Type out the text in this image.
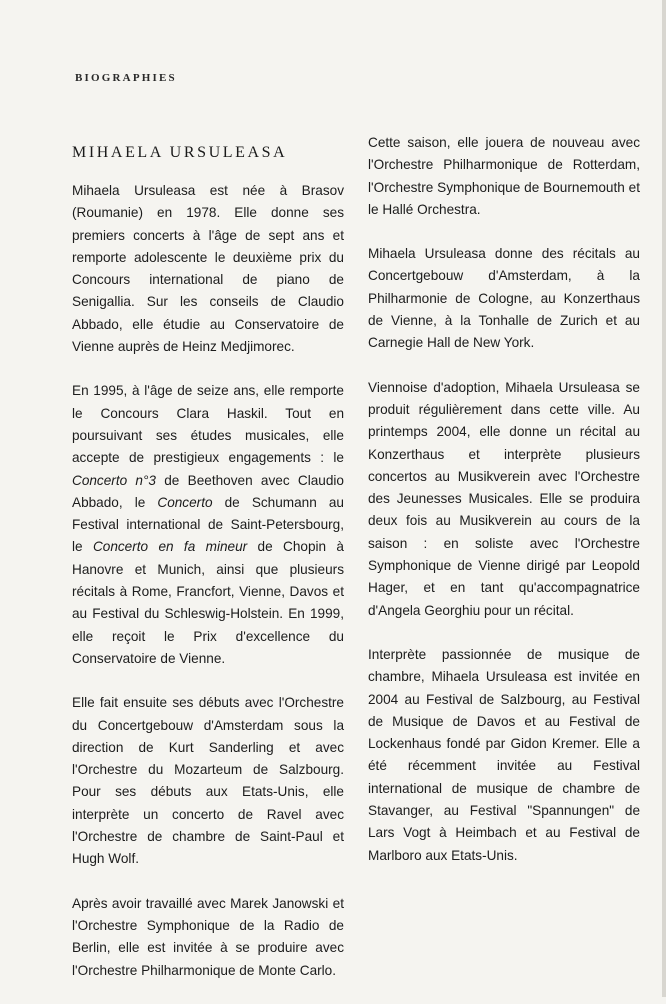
BIOGRAPHIES
MIHAELA URSULEASA

Mihaela Ursuleasa est née à Brasov (Roumanie) en 1978. Elle donne ses premiers concerts à l'âge de sept ans et remporte adolescente le deuxième prix du Concours international de piano de Senigallia. Sur les conseils de Claudio Abbado, elle étudie au Conservatoire de Vienne auprès de Heinz Medjimorec.

En 1995, à l'âge de seize ans, elle remporte le Concours Clara Haskil. Tout en poursuivant ses études musicales, elle accepte de prestigieux engagements : le Concerto n°3 de Beethoven avec Claudio Abbado, le Concerto de Schumann au Festival international de Saint-Petersbourg, le Concerto en fa mineur de Chopin à Hanovre et Munich, ainsi que plusieurs récitals à Rome, Francfort, Vienne, Davos et au Festival du Schleswig-Holstein. En 1999, elle reçoit le Prix d'excellence du Conservatoire de Vienne.

Elle fait ensuite ses débuts avec l'Orchestre du Concertgebouw d'Amsterdam sous la direction de Kurt Sanderling et avec l'Orchestre du Mozarteum de Salzbourg. Pour ses débuts aux Etats-Unis, elle interprète un concerto de Ravel avec l'Orchestre de chambre de Saint-Paul et Hugh Wolf.

Après avoir travaillé avec Marek Janowski et l'Orchestre Symphonique de la Radio de Berlin, elle est invitée à se produire avec l'Orchestre Philharmonique de Monte Carlo.

Cette saison, elle jouera de nouveau avec l'Orchestre Philharmonique de Rotterdam, l'Orchestre Symphonique de Bournemouth et le Hallé Orchestra.

Mihaela Ursuleasa donne des récitals au Concertgebouw d'Amsterdam, à la Philharmonie de Cologne, au Konzerthaus de Vienne, à la Tonhalle de Zurich et au Carnegie Hall de New York.

Viennoise d'adoption, Mihaela Ursuleasa se produit régulièrement dans cette ville. Au printemps 2004, elle donne un récital au Konzerthaus et interprète plusieurs concertos au Musikverein avec l'Orchestre des Jeunesses Musicales. Elle se produira deux fois au Musikverein au cours de la saison : en soliste avec l'Orchestre Symphonique de Vienne dirigé par Leopold Hager, et en tant qu'accompagnatrice d'Angela Georghiu pour un récital.

Interprète passionnée de musique de chambre, Mihaela Ursuleasa est invitée en 2004 au Festival de Salzbourg, au Festival de Musique de Davos et au Festival de Lockenhaus fondé par Gidon Kremer. Elle a été récemment invitée au Festival international de musique de chambre de Stavanger, au Festival "Spannungen" de Lars Vogt à Heimbach et au Festival de Marlboro aux Etats-Unis.
